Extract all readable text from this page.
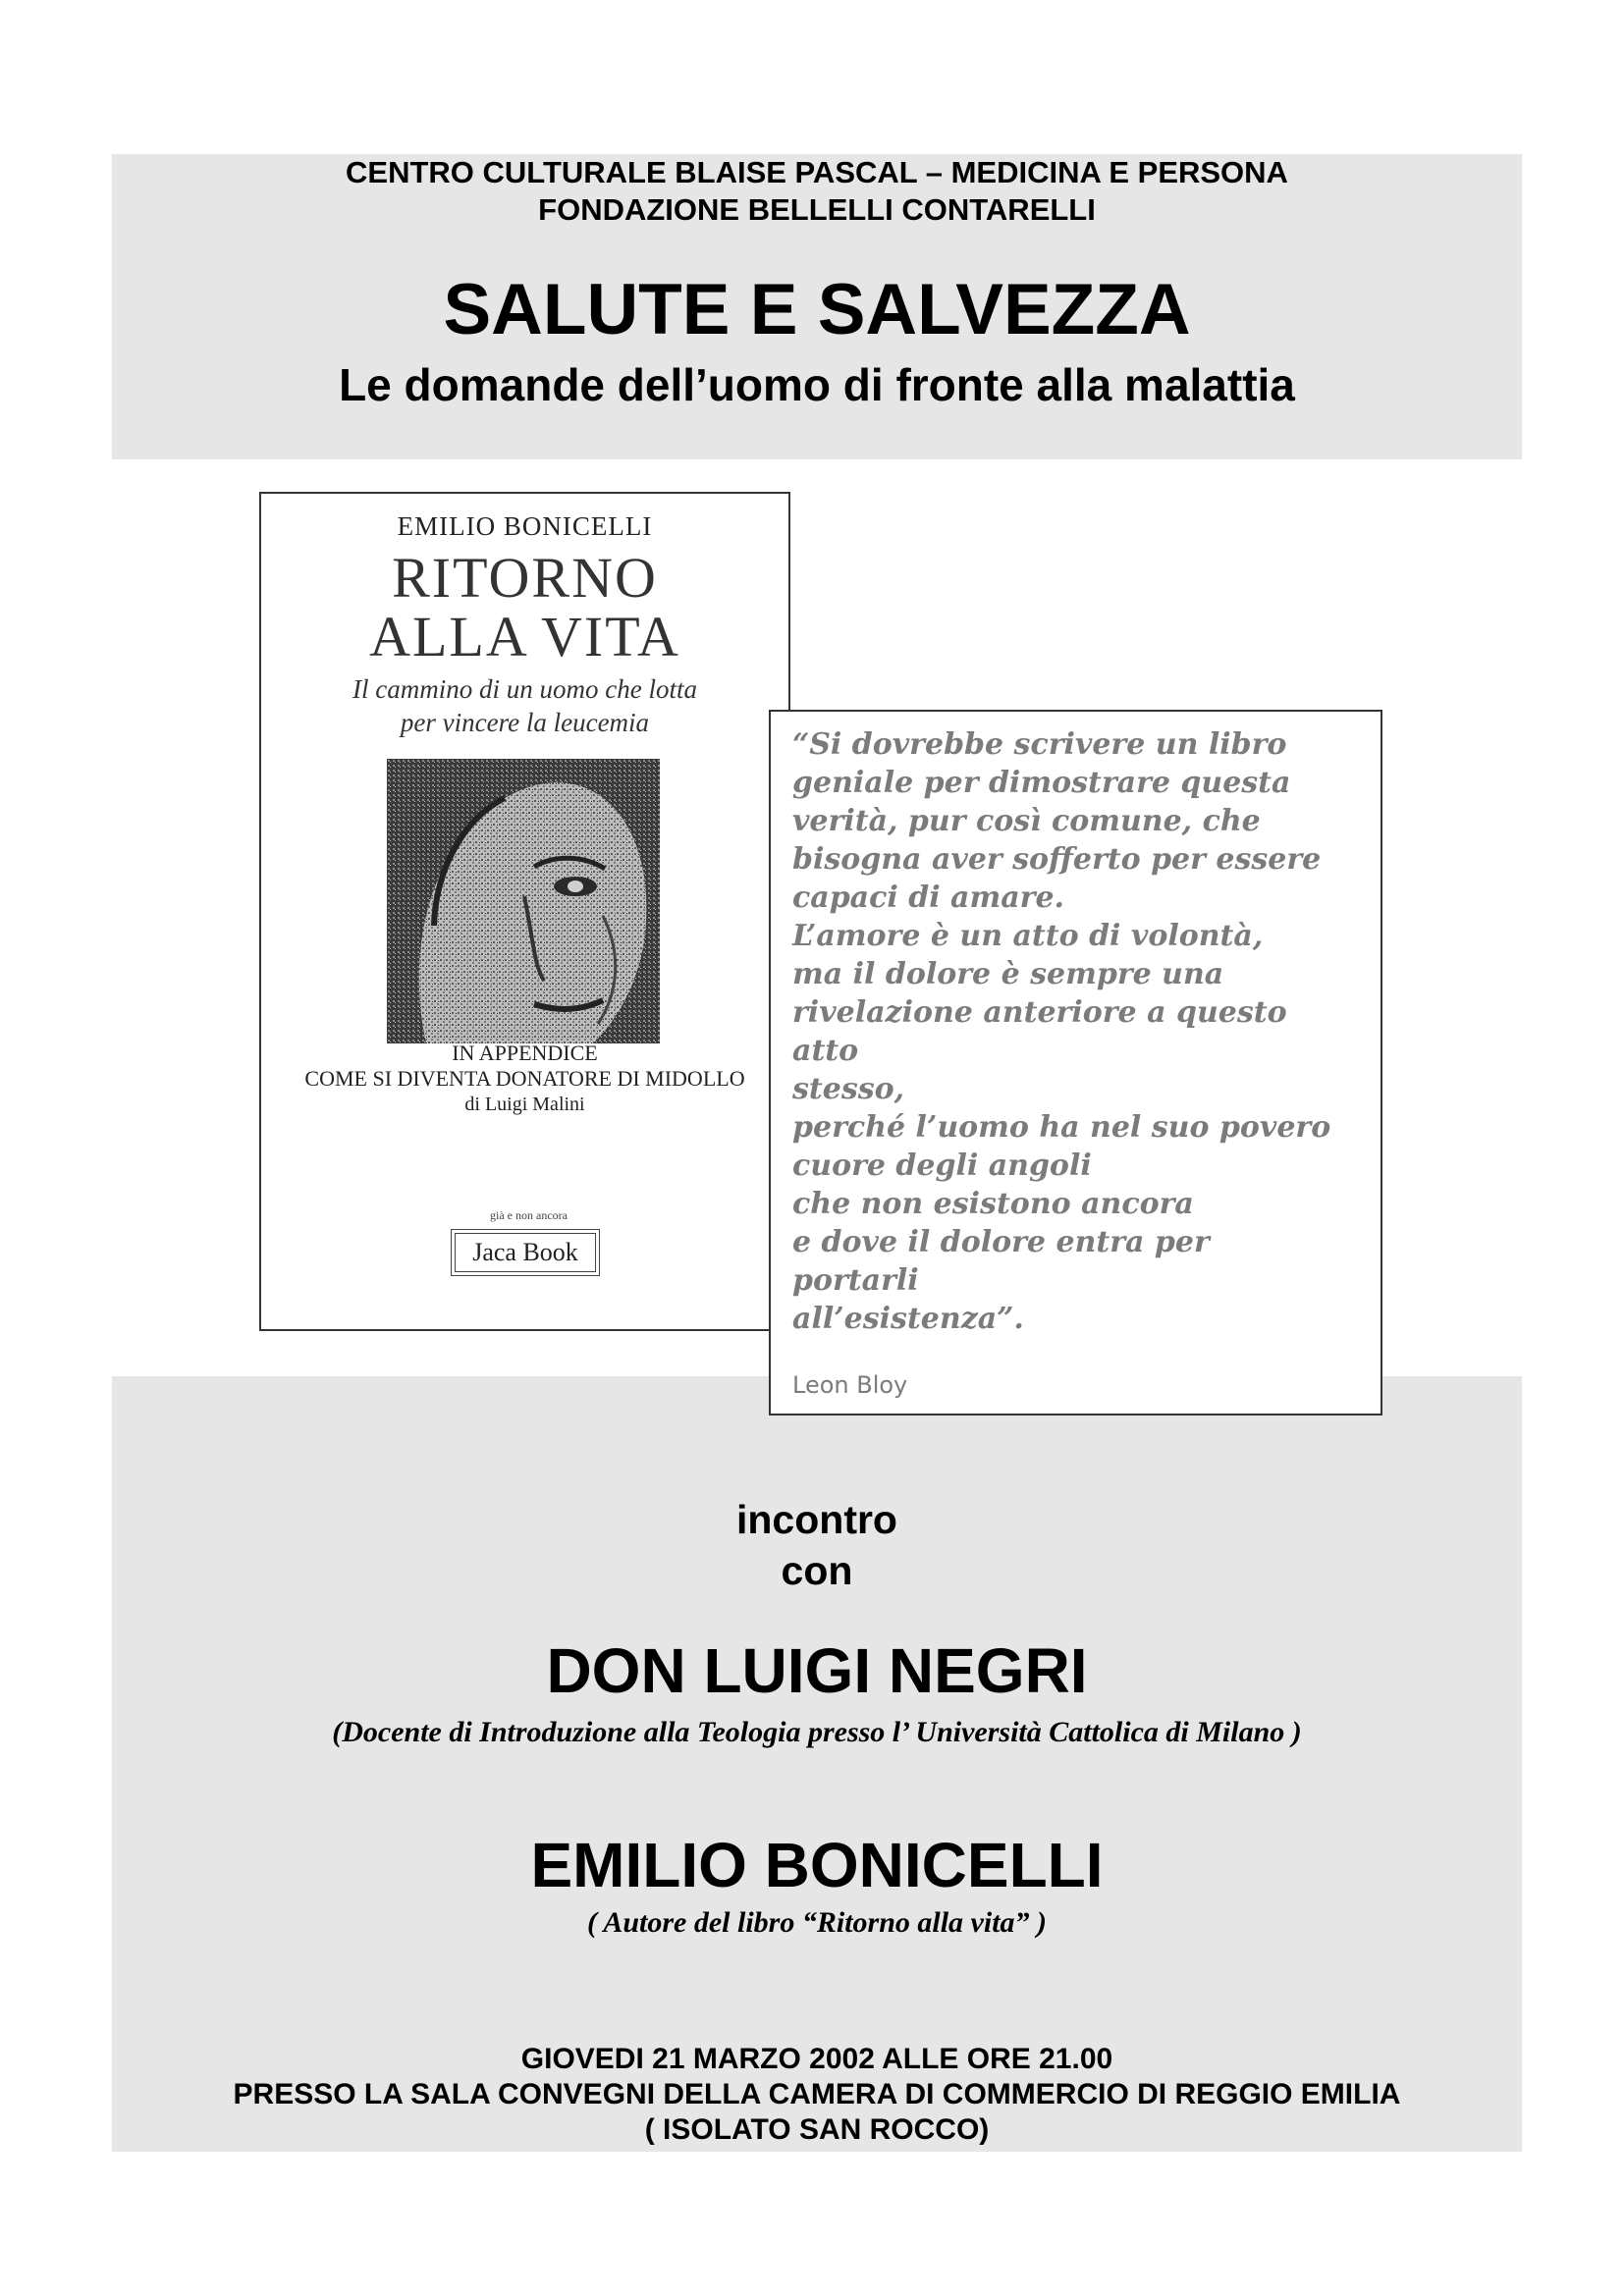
CENTRO CULTURALE BLAISE PASCAL – MEDICINA E PERSONA

FONDAZIONE BELLELLI CONTARELLI

SALUTE E SALVEZZA

Le domande dell’uomo di fronte alla malattia

incontro

con

DON LUIGI NEGRI

(Docente di Introduzione alla Teologia presso l’ Università Cattolica di Milano )

EMILIO BONICELLI

( Autore del libro “Ritorno alla vita” )

GIOVEDI 21 MARZO 2002 ALLE ORE 21.00

PRESSO LA SALA CONVEGNI DELLA CAMERA DI COMMERCIO DI REGGIO EMILIA

( ISOLATO SAN ROCCO)

EMILIO BONICELLI

RITORNO

ALLA VITA

Il cammino di un uomo che lotta

per vincere la leucemia

IN APPENDICE

COME SI DIVENTA DONATORE DI MIDOLLO

di Luigi Malini

già e non ancora

Jaca Book

“Si dovrebbe scrivere un libro

geniale per dimostrare questa

verità, pur così comune, che

bisogna aver sofferto per essere

capaci di amare.

L’amore è un atto di volontà,

ma il dolore è sempre una

rivelazione anteriore a questo

atto

stesso,

perché l’uomo ha nel suo povero

cuore degli angoli

che non esistono ancora

e dove il dolore entra per

portarli

all’esistenza”.

Leon Bloy
